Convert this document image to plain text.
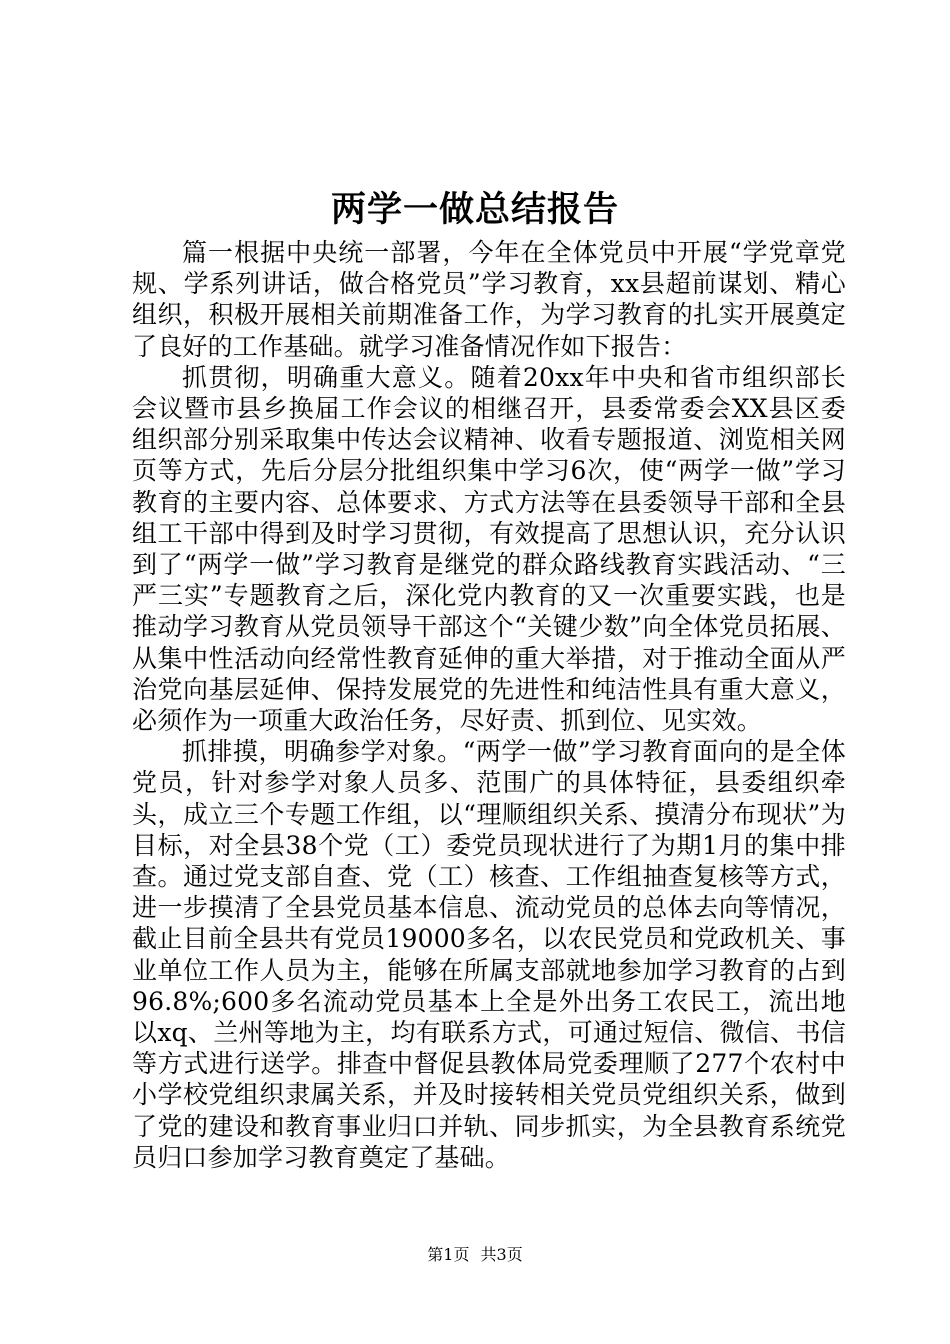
两学一做总结报告

篇一根据中央统一部署，今年在全体党员中开展“学党章党规、学系列讲话，做合格党员”学习教育，xx县超前谋划、精心组织，积极开展相关前期准备工作，为学习教育的扎实开展奠定了良好的工作基础。就学习准备情况作如下报告：

抓贯彻，明确重大意义。随着20xx年中央和省市组织部长会议暨市县乡换届工作会议的相继召开，县委常委会XX县区委组织部分别采取集中传达会议精神、收看专题报道、浏览相关网页等方式，先后分层分批组织集中学习6次，使“两学一做”学习教育的主要内容、总体要求、方式方法等在县委领导干部和全县组工干部中得到及时学习贯彻，有效提高了思想认识，充分认识到了“两学一做”学习教育是继党的群众路线教育实践活动、“三严三实”专题教育之后，深化党内教育的又一次重要实践，也是推动学习教育从党员领导干部这个“关键少数”向全体党员拓展、从集中性活动向经常性教育延伸的重大举措，对于推动全面从严治党向基层延伸、保持发展党的先进性和纯洁性具有重大意义，必须作为一项重大政治任务，尽好责、抓到位、见实效。

抓排摸，明确参学对象。“两学一做”学习教育面向的是全体党员，针对参学对象人员多、范围广的具体特征，县委组织牵头，成立三个专题工作组，以“理顺组织关系、摸清分布现状”为目标，对全县38个党（工）委党员现状进行了为期1月的集中排查。通过党支部自查、党（工）核查、工作组抽查复核等方式，进一步摸清了全县党员基本信息、流动党员的总体去向等情况，截止目前全县共有党员19000多名，以农民党员和党政机关、事业单位工作人员为主，能够在所属支部就地参加学习教育的占到96.8%;600多名流动党员基本上全是外出务工农民工，流出地以xq、兰州等地为主，均有联系方式，可通过短信、微信、书信等方式进行送学。排查中督促县教体局党委理顺了277个农村中小学校党组织隶属关系，并及时接转相关党员党组织关系，做到了党的建设和教育事业归口并轨、同步抓实，为全县教育系统党员归口参加学习教育奠定了基础。

第1页 共3页
